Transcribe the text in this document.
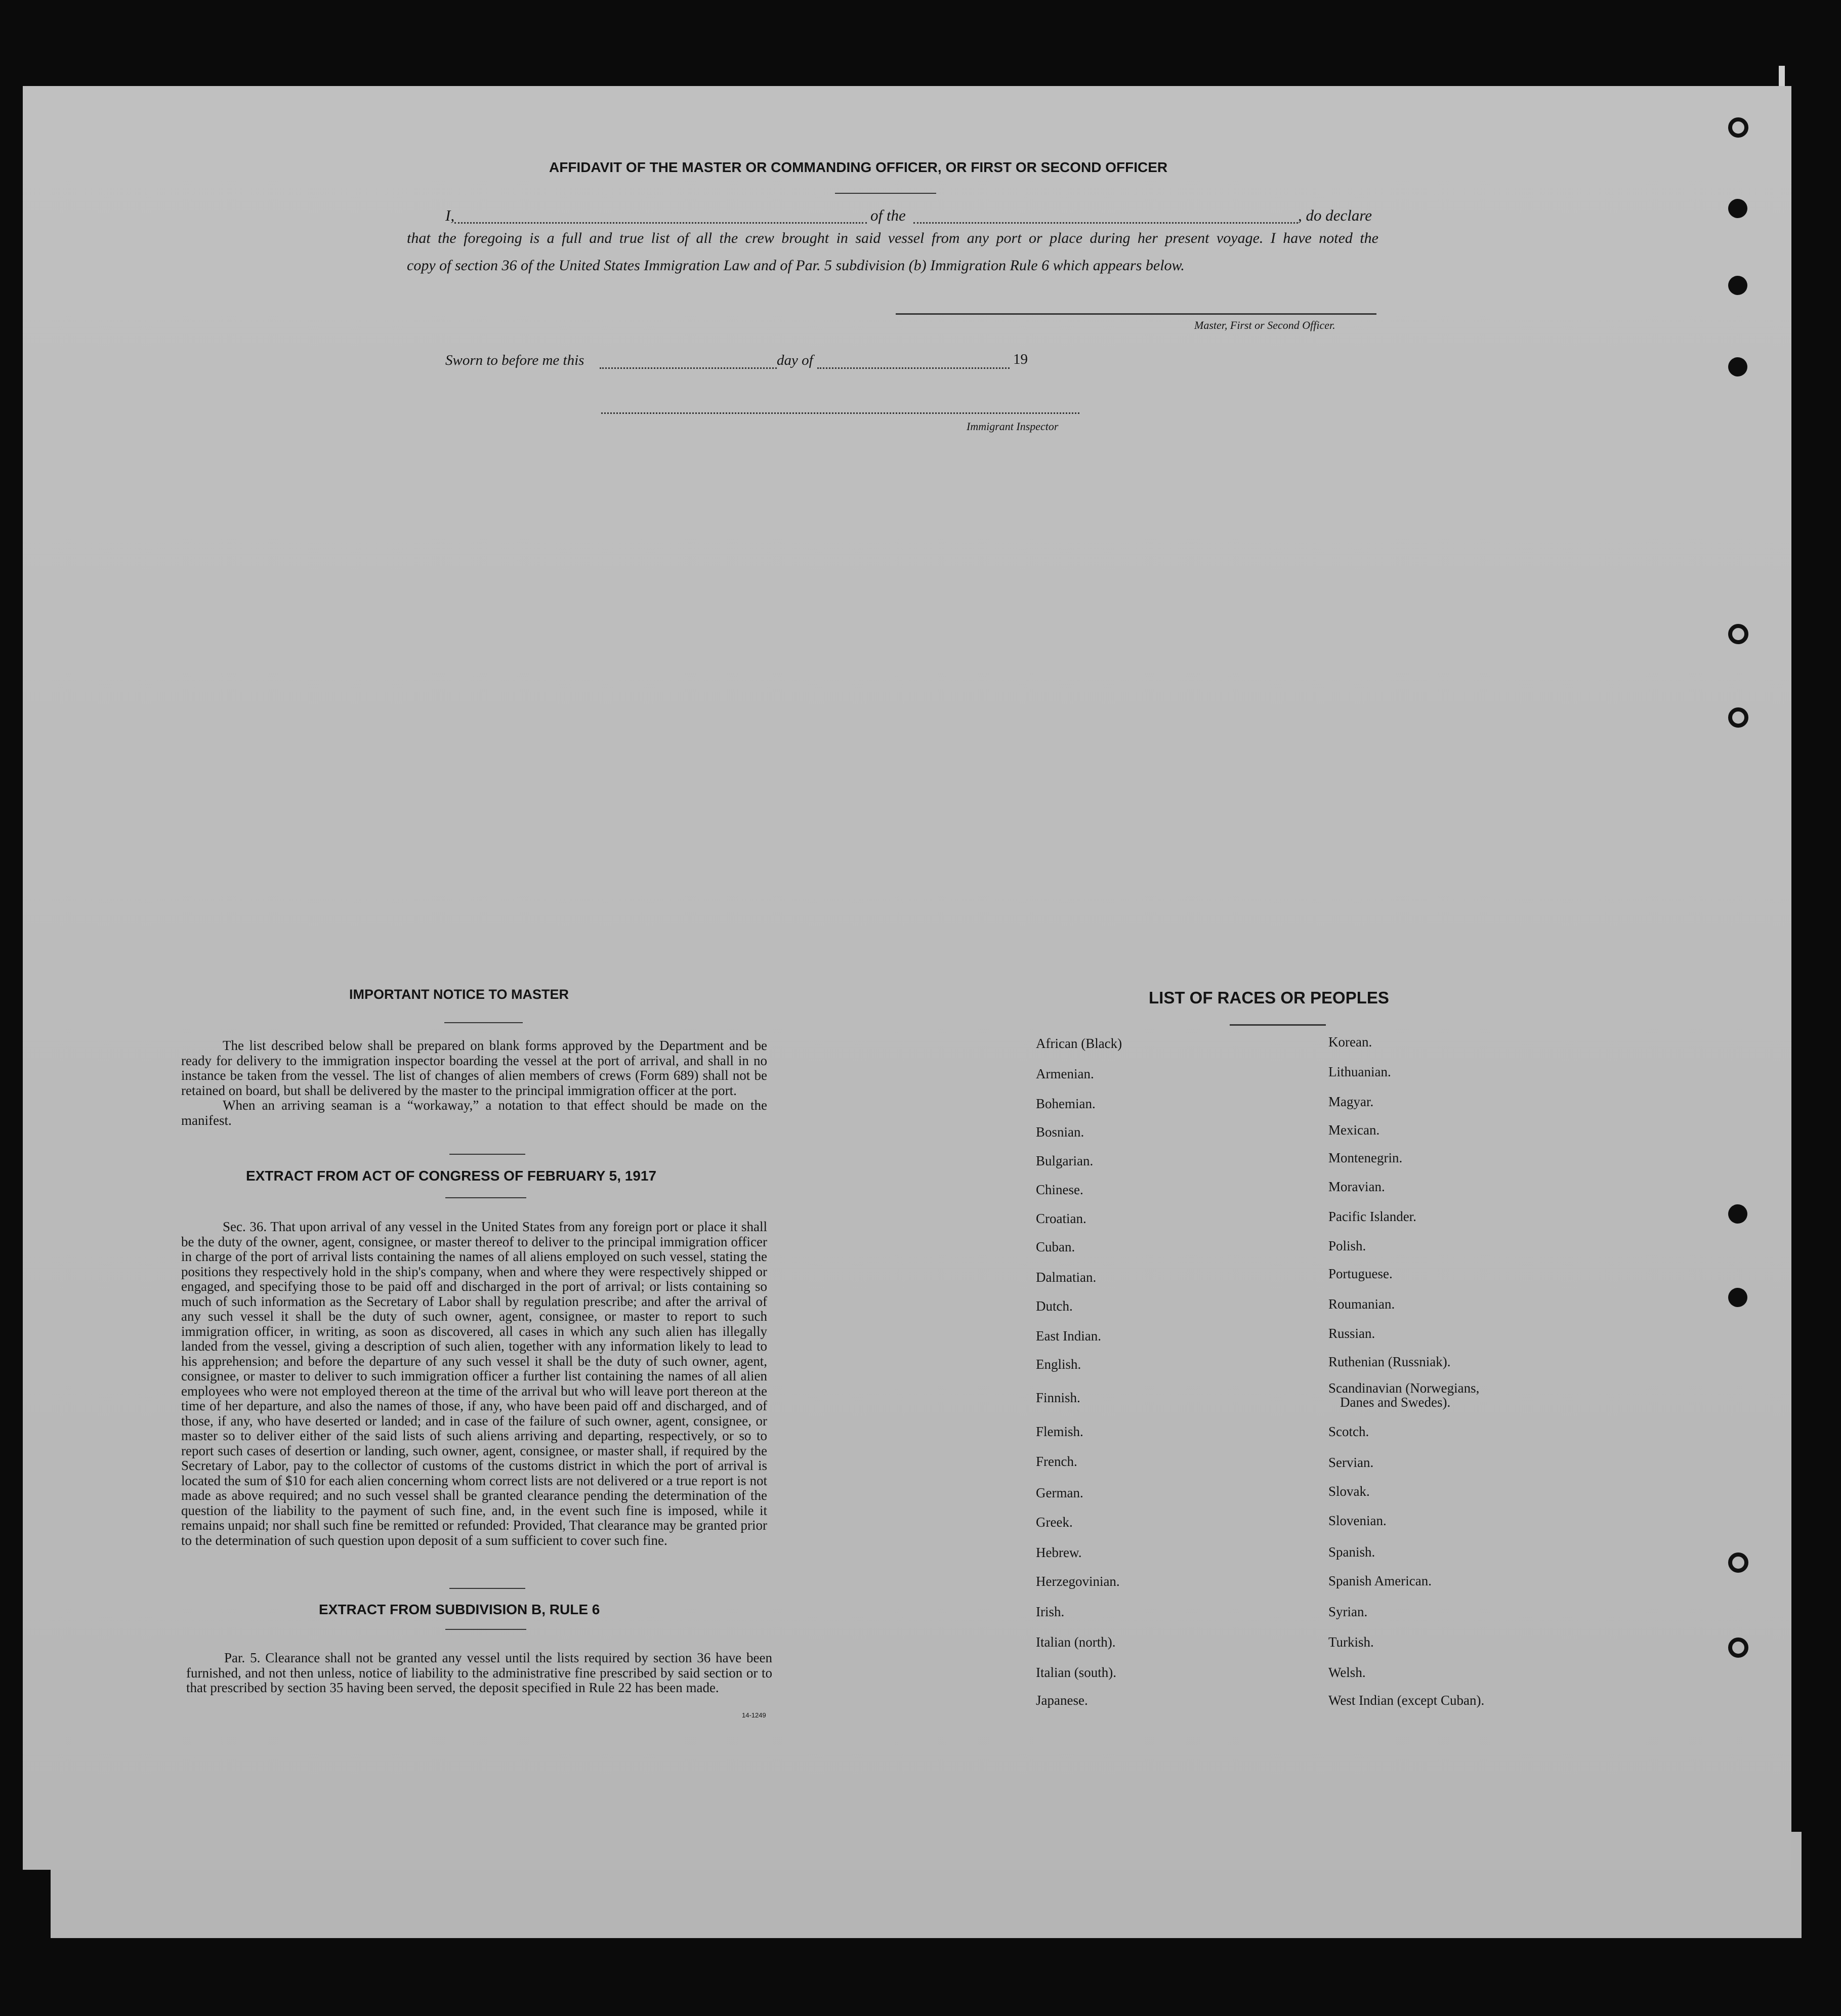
AFFIDAVIT OF THE MASTER OR COMMANDING OFFICER, OR FIRST OR SECOND OFFICER
I,	of the	, do declare
that the foregoing is a full and true list of all the crew brought in said vessel from any port or place during her present voyage. I have noted the
copy of section 36 of the United States Immigration Law and of Par. 5 subdivision (b) Immigration Rule 6 which appears below.
Master, First or Second Officer.
Sworn to before me this	day of	19
Immigrant Inspector
IMPORTANT NOTICE TO MASTER

The list described below shall be prepared on blank forms approved by the Department and be ready for delivery to the immigration inspector boarding the vessel at the port of arrival, and shall in no instance be taken from the vessel. The list of changes of alien members of crews (Form 689) shall not be retained on board, but shall be delivered by the master to the principal immigration officer at the port.

When an arriving seaman is a “workaway,” a notation to that effect should be made on the manifest.

EXTRACT FROM ACT OF CONGRESS OF FEBRUARY 5, 1917

Sec. 36. That upon arrival of any vessel in the United States from any foreign port or place it shall be the duty of the owner, agent, consignee, or master thereof to deliver to the principal immigration officer in charge of the port of arrival lists containing the names of all aliens employed on such vessel, stating the positions they respectively hold in the ship's company, when and where they were respectively shipped or engaged, and specifying those to be paid off and discharged in the port of arrival; or lists containing so much of such information as the Secretary of Labor shall by regulation prescribe; and after the arrival of any such vessel it shall be the duty of such owner, agent, consignee, or master to report to such immigration officer, in writing, as soon as discovered, all cases in which any such alien has illegally landed from the vessel, giving a description of such alien, together with any information likely to lead to his apprehension; and before the departure of any such vessel it shall be the duty of such owner, agent, consignee, or master to deliver to such immigration officer a further list containing the names of all alien employees who were not employed thereon at the time of the arrival but who will leave port thereon at the time of her departure, and also the names of those, if any, who have been paid off and discharged, and of those, if any, who have deserted or landed; and in case of the failure of such owner, agent, consignee, or master so to deliver either of the said lists of such aliens arriving and departing, respectively, or so to report such cases of desertion or landing, such owner, agent, consignee, or master shall, if required by the Secretary of Labor, pay to the collector of customs of the customs district in which the port of arrival is located the sum of $10 for each alien concerning whom correct lists are not delivered or a true report is not made as above required; and no such vessel shall be granted clearance pending the determination of the question of the liability to the payment of such fine, and, in the event such fine is imposed, while it remains unpaid; nor shall such fine be remitted or refunded: Provided, That clearance may be granted prior to the determination of such question upon deposit of a sum sufficient to cover such fine.

EXTRACT FROM SUBDIVISION B, RULE 6

Par. 5. Clearance shall not be granted any vessel until the lists required by section 36 have been furnished, and not then unless, notice of liability to the administrative fine prescribed by said section or to that prescribed by section 35 having been served, the deposit specified in Rule 22 has been made.

14-1249
LIST OF RACES OR PEOPLES
African (Black)
Armenian.
Bohemian.
Bosnian.
Bulgarian.
Chinese.
Croatian.
Cuban.
Dalmatian.
Dutch.
East Indian.
English.
Finnish.
Flemish.
French.
German.
Greek.
Hebrew.
Herzegovinian.
Irish.
Italian (north).
Italian (south).
Japanese.
Korean.
Lithuanian.
Magyar.
Mexican.
Montenegrin.
Moravian.
Pacific Islander.
Polish.
Portuguese.
Roumanian.
Russian.
Ruthenian (Russniak).
Scandinavian (Norwegians,
Danes and Swedes).
Scotch.
Servian.
Slovak.
Slovenian.
Spanish.
Spanish American.
Syrian.
Turkish.
Welsh.
West Indian (except Cuban).
